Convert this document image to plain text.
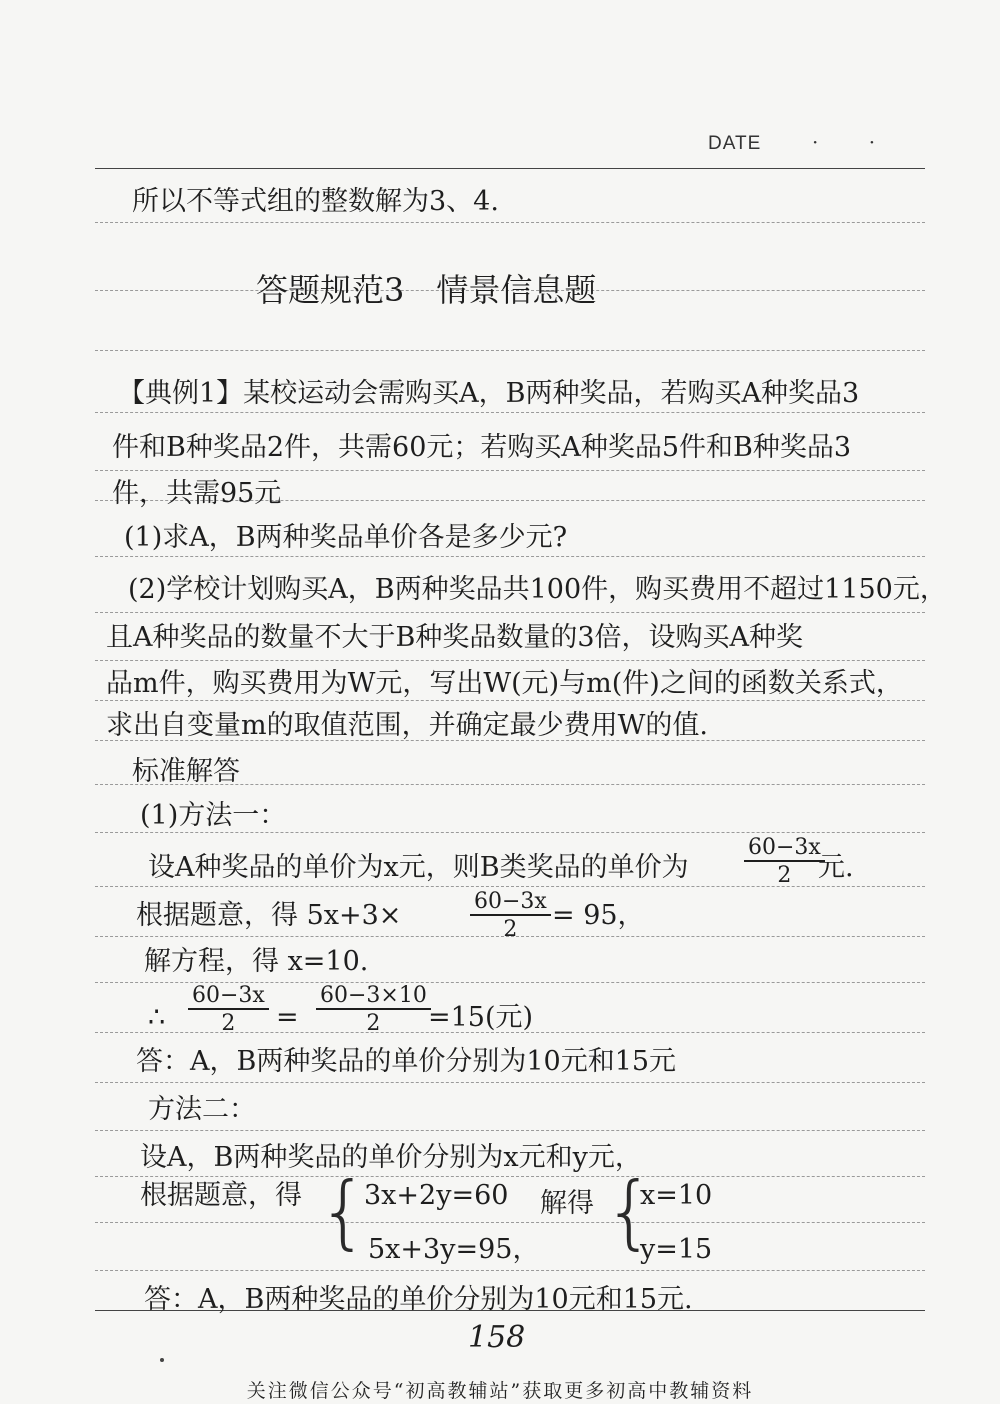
DATE	· ·
所以不等式组的整数解为3、4.
答题规范3　情景信息题
【典例1】某校运动会需购买A，B两种奖品，若购买A种奖品3
件和B种奖品2件，共需60元；若购买A种奖品5件和B种奖品3
件，共需95元
(1)求A，B两种奖品单价各是多少元?
(2)学校计划购买A，B两种奖品共100件，购买费用不超过1150元，
且A种奖品的数量不大于B种奖品数量的3倍，设购买A种奖
品m件，购买费用为W元，写出W(元)与m(件)之间的函数关系式，
求出自变量m的取值范围，并确定最少费用W的值.
标准解答
(1)方法一：
设A种奖品的单价为x元，则B类奖品的单价为	$\frac{60-3x}{2}$
元.
根据题意，得 5x+3×	$\frac{60-3x}{2} = 95$，
解方程，得 x=10.
∴ $\frac{60-3x}{2} = \frac{60-3\times 10}{2}$
=15(元)
答：A，B两种奖品的单价分别为10元和15元
方法二：
设A，B两种奖品的单价分别为x元和y元，
根据题意，得 {
3x+2y=60
5x+3y=95，
解得 {
x=10
y=15
答：A，B两种奖品的单价分别为10元和15元.
158
关注微信公众号“初高教辅站”获取更多初高中教辅资料
